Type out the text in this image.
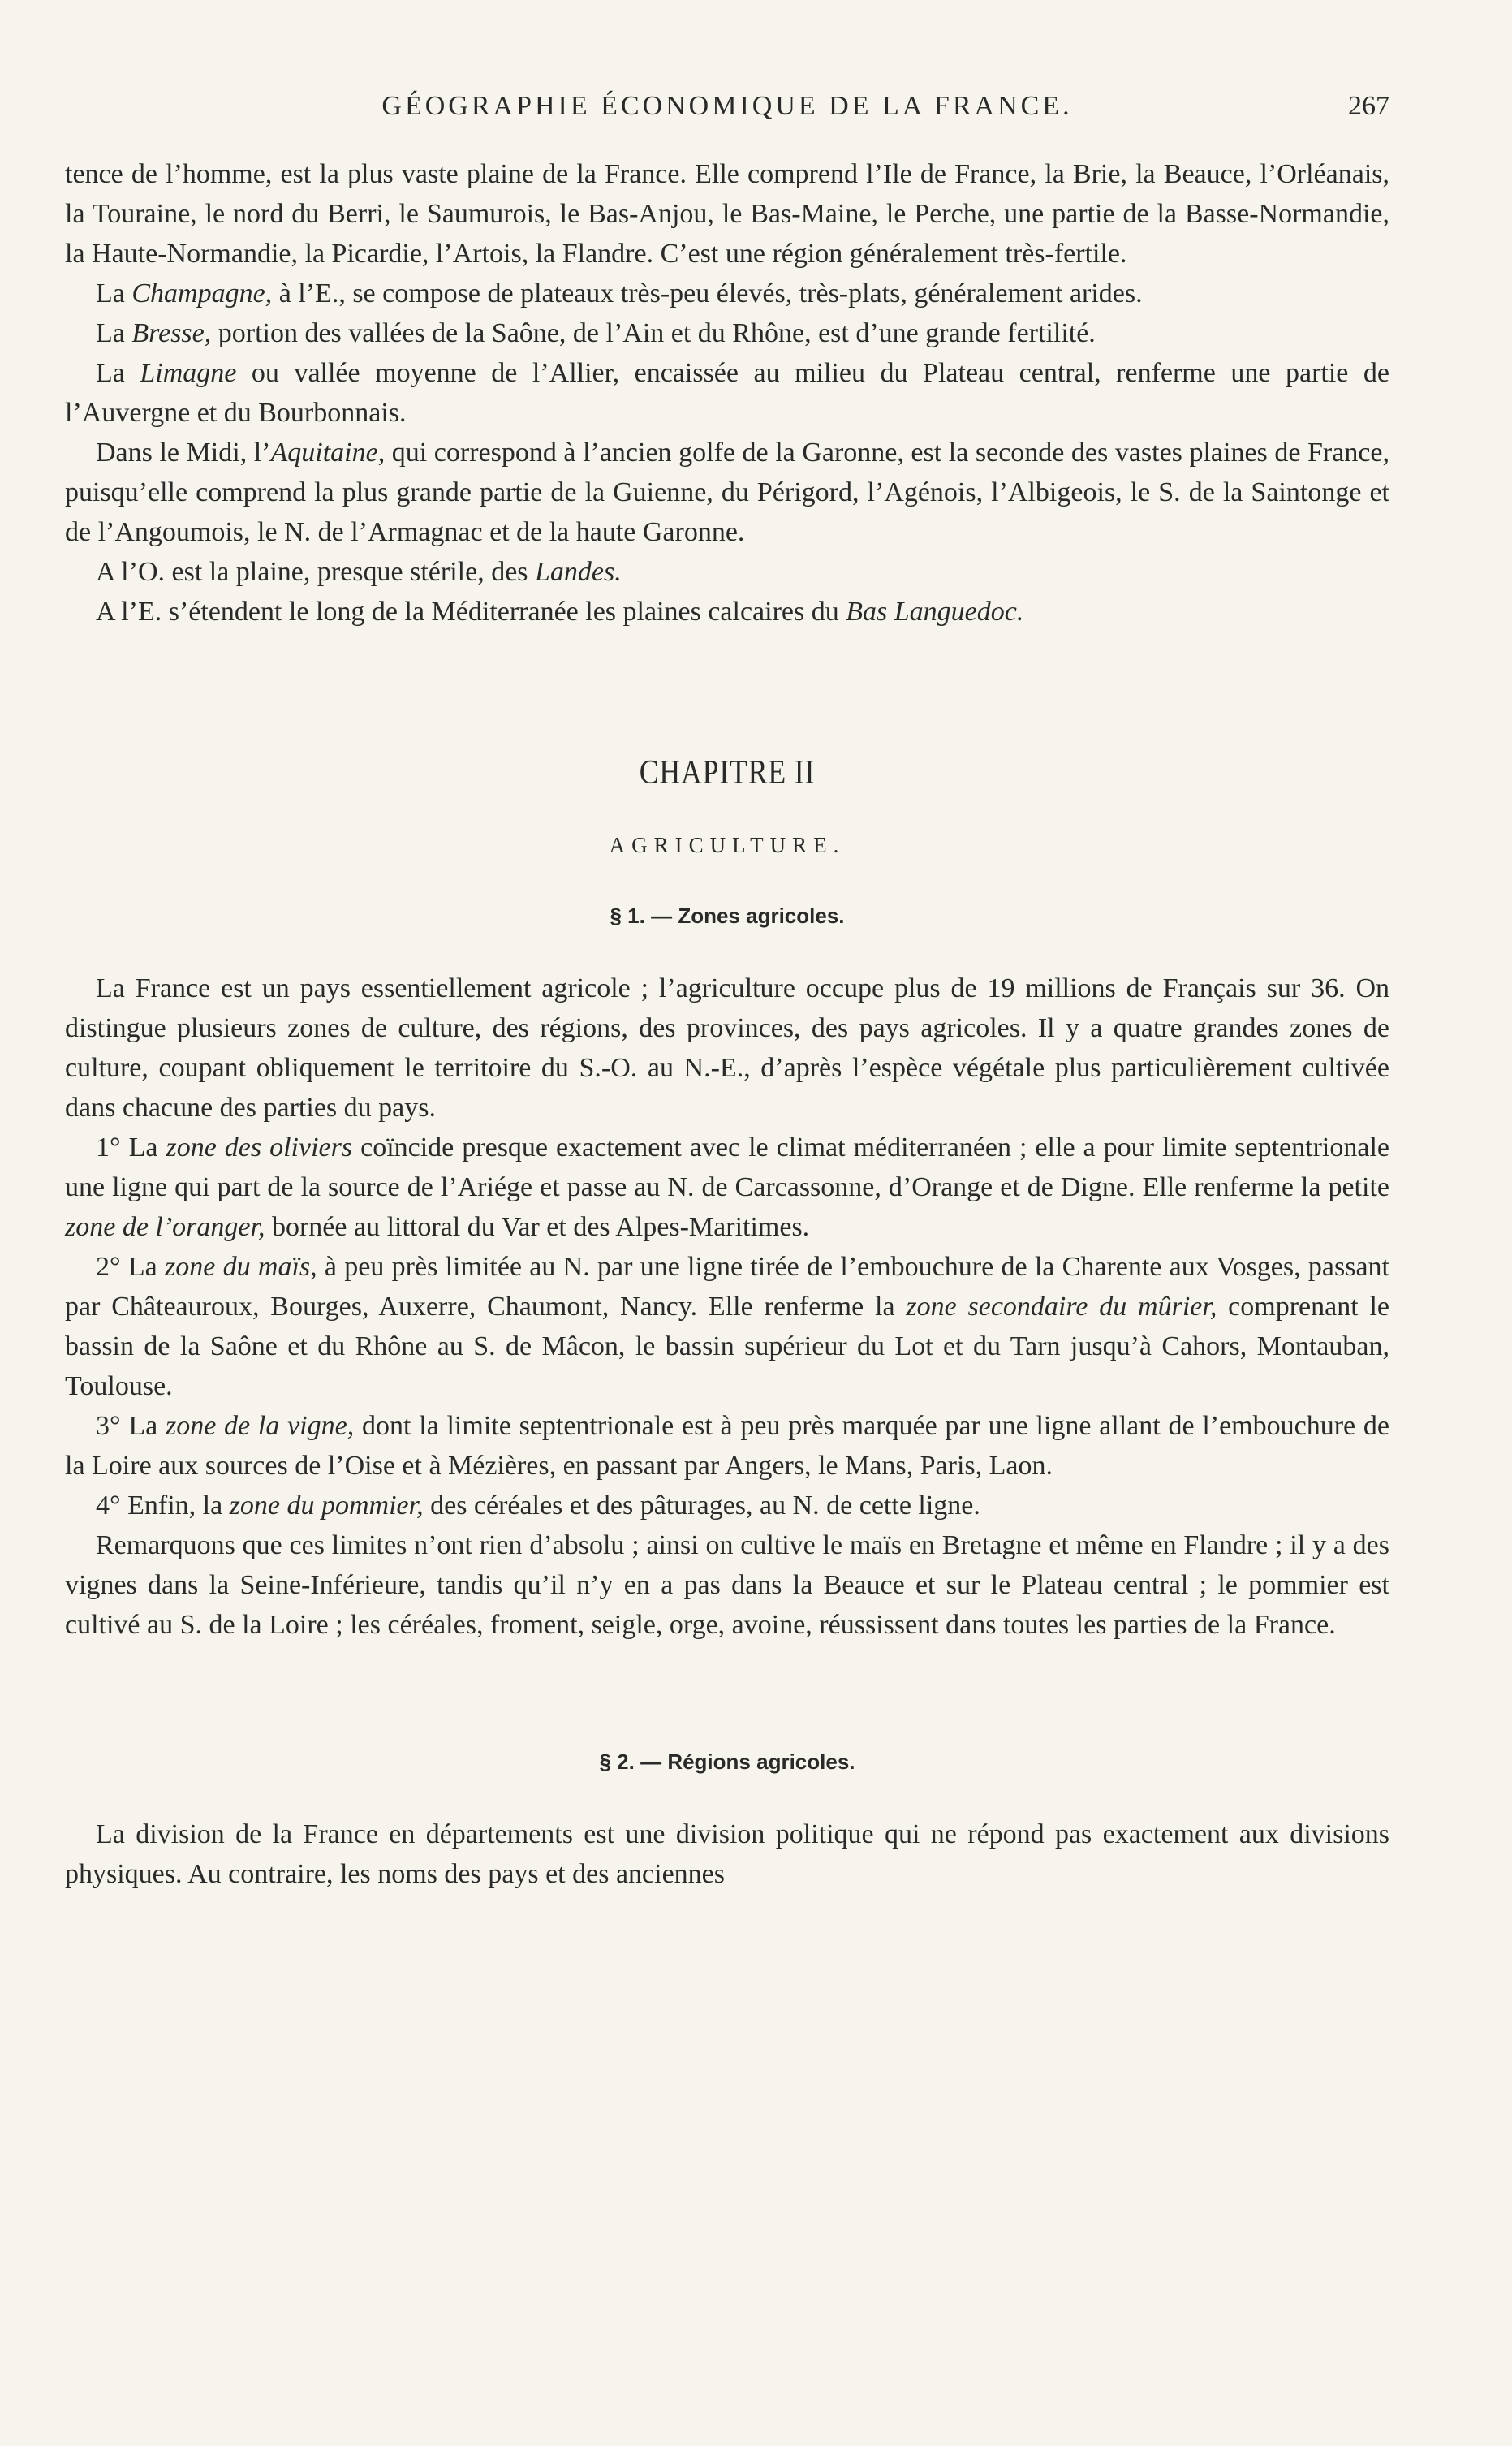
GÉOGRAPHIE ÉCONOMIQUE DE LA FRANCE.	267

tence de l’homme, est la plus vaste plaine de la France. Elle comprend l’Ile de France, la Brie, la Beauce, l’Orléanais, la Touraine, le nord du Berri, le Saumurois, le Bas-Anjou, le Bas-Maine, le Perche, une partie de la Basse-Normandie, la Haute-Normandie, la Picardie, l’Artois, la Flandre. C’est une région généralement très-fertile.

La Champagne, à l’E., se compose de plateaux très-peu élevés, très-plats, généralement arides.

La Bresse, portion des vallées de la Saône, de l’Ain et du Rhône, est d’une grande fertilité.

La Limagne ou vallée moyenne de l’Allier, encaissée au milieu du Plateau central, renferme une partie de l’Auvergne et du Bourbonnais.

Dans le Midi, l’Aquitaine, qui correspond à l’ancien golfe de la Garonne, est la seconde des vastes plaines de France, puisqu’elle comprend la plus grande partie de la Guienne, du Périgord, l’Agénois, l’Albigeois, le S. de la Saintonge et de l’Angoumois, le N. de l’Armagnac et de la haute Garonne.

A l’O. est la plaine, presque stérile, des Landes.

A l’E. s’étendent le long de la Méditerranée les plaines calcaires du Bas Languedoc.

CHAPITRE II
AGRICULTURE.
§ 1. — Zones agricoles.

La France est un pays essentiellement agricole ; l’agriculture occupe plus de 19 millions de Français sur 36. On distingue plusieurs zones de culture, des régions, des provinces, des pays agricoles. Il y a quatre grandes zones de culture, coupant obliquement le territoire du S.-O. au N.-E., d’après l’espèce végétale plus particulièrement cultivée dans chacune des parties du pays.

1° La zone des oliviers coïncide presque exactement avec le climat méditerranéen ; elle a pour limite septentrionale une ligne qui part de la source de l’Ariége et passe au N. de Carcassonne, d’Orange et de Digne. Elle renferme la petite zone de l’oranger, bornée au littoral du Var et des Alpes-Maritimes.

2° La zone du maïs, à peu près limitée au N. par une ligne tirée de l’embouchure de la Charente aux Vosges, passant par Châteauroux, Bourges, Auxerre, Chaumont, Nancy. Elle renferme la zone secondaire du mûrier, comprenant le bassin de la Saône et du Rhône au S. de Mâcon, le bassin supérieur du Lot et du Tarn jusqu’à Cahors, Montauban, Toulouse.

3° La zone de la vigne, dont la limite septentrionale est à peu près marquée par une ligne allant de l’embouchure de la Loire aux sources de l’Oise et à Mézières, en passant par Angers, le Mans, Paris, Laon.

4° Enfin, la zone du pommier, des céréales et des pâturages, au N. de cette ligne.

Remarquons que ces limites n’ont rien d’absolu ; ainsi on cultive le maïs en Bretagne et même en Flandre ; il y a des vignes dans la Seine-Inférieure, tandis qu’il n’y en a pas dans la Beauce et sur le Plateau central ; le pommier est cultivé au S. de la Loire ; les céréales, froment, seigle, orge, avoine, réussissent dans toutes les parties de la France.

§ 2. — Régions agricoles.

La division de la France en départements est une division politique qui ne répond pas exactement aux divisions physiques. Au contraire, les noms des pays et des anciennes
